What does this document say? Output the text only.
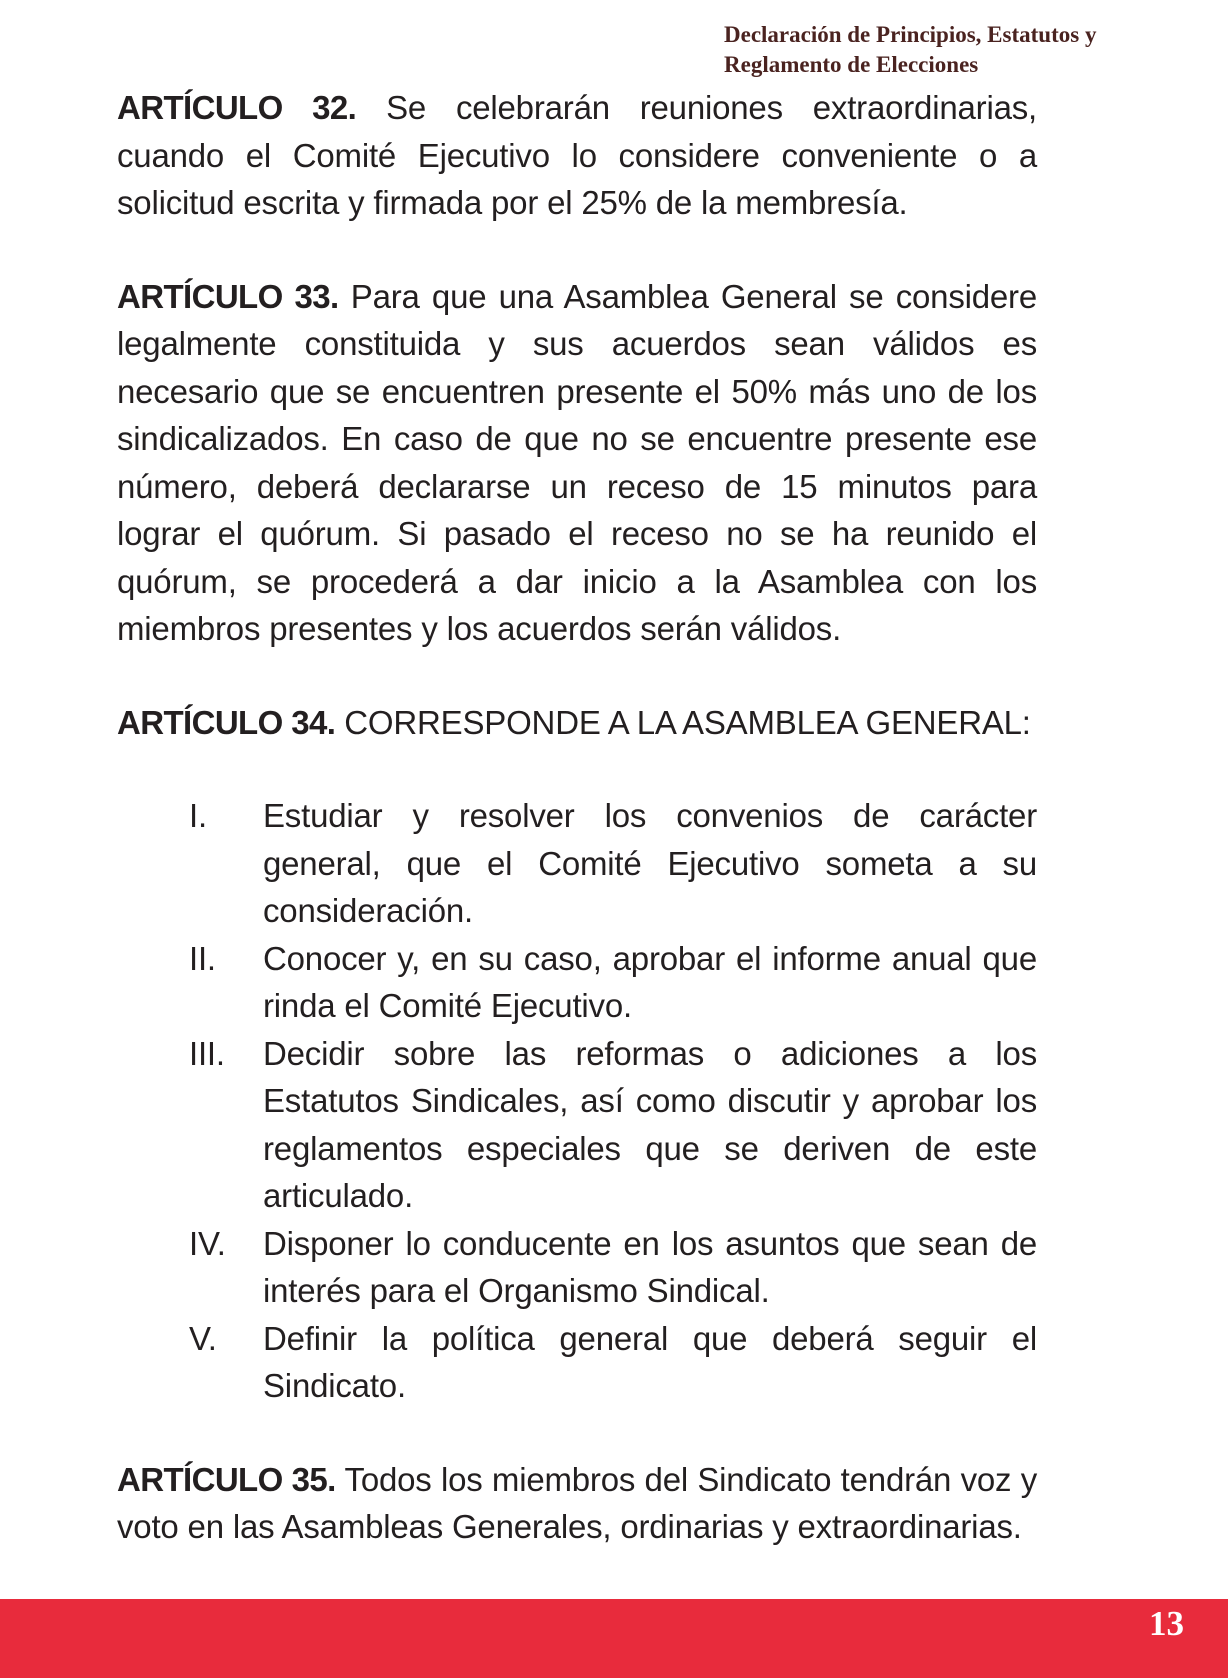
Declaración de Principios, Estatutos y
Reglamento de Elecciones

ARTÍCULO 32. Se celebrarán reuniones extraordinarias, cuando el Comité Ejecutivo lo considere conveniente o a solicitud escrita y firmada por el 25% de la membresía.

ARTÍCULO 33. Para que una Asamblea General se considere legalmente constituida y sus acuerdos sean válidos es necesario que se encuentren presente el 50% más uno de los sindicalizados. En caso de que no se encuentre presente ese número, deberá declararse un receso de 15 minutos para lograr el quórum. Si pasado el receso no se ha reunido el quórum, se procederá a dar inicio a la Asamblea con los miembros presentes y los acuerdos serán válidos.

ARTÍCULO 34. CORRESPONDE A LA ASAMBLEA GENERAL:

I.	Estudiar y resolver los convenios de carácter general, que el Comité Ejecutivo someta a su consideración.
II.	Conocer y, en su caso, aprobar el informe anual que rinda el Comité Ejecutivo.
III.	Decidir sobre las reformas o adiciones a los Estatutos Sindicales, así como discutir y aprobar los reglamentos especiales que se deriven de este articulado.
IV.	Disponer lo conducente en los asuntos que sean de interés para el Organismo Sindical.
V.	Definir la política general que deberá seguir el Sindicato.

ARTÍCULO 35. Todos los miembros del Sindicato tendrán voz y voto en las Asambleas Generales, ordinarias y extraordinarias.

13
